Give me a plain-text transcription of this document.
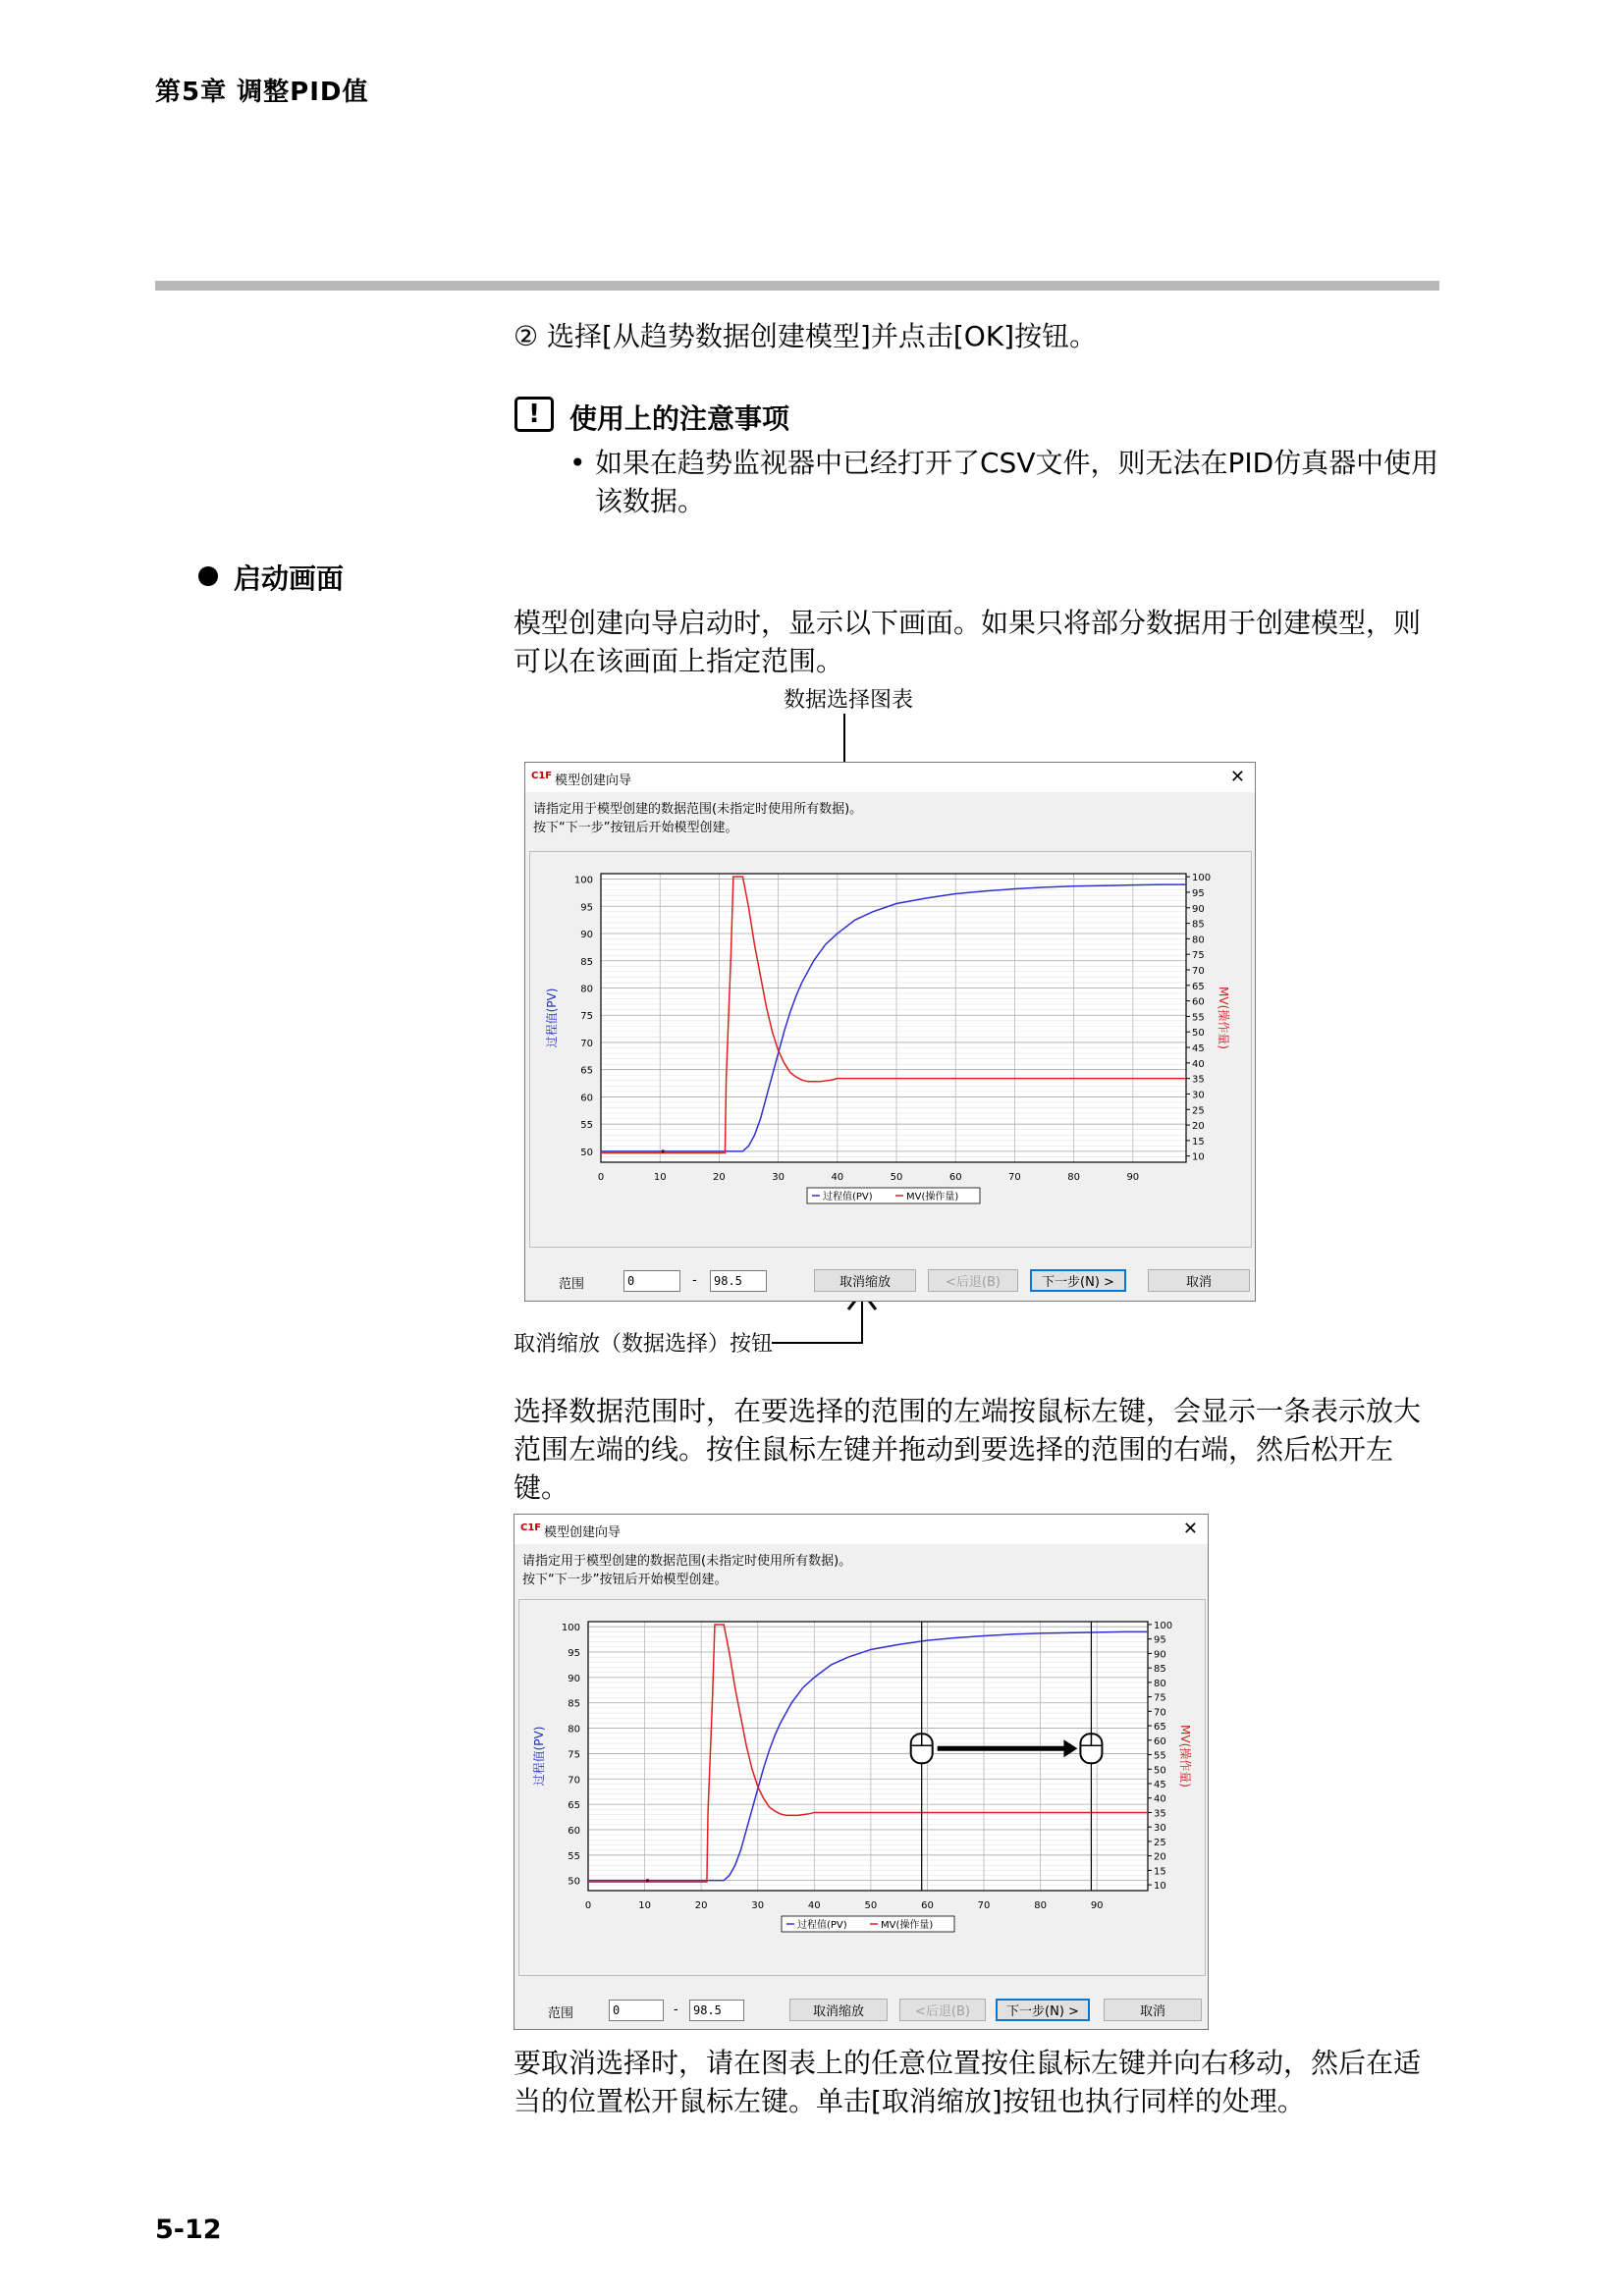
第5章 调整PID值
② 选择[从趋势数据创建模型]并点击[OK]按钮。
!	使用上的注意事项
• 如果在趋势监视器中已经打开了CSV文件，则无法在PID仿真器中使用该数据。
启动画面
模型创建向导启动时，显示以下画面。如果只将部分数据用于创建模型，则可以在该画面上指定范围。
数据选择图表
C1F 模型创建向导	✕
请指定用于模型创建的数据范围(未指定时使用所有数据)。
按下“下一步”按钮后开始模型创建。
50
55
60
65
70
75
80
85
90
95
100
0	10	20	30	40	50	60	70	80	90
10
15
20
25
30
35
40
45
50
55
60
65
70
75
80
85
90
95
100
过程值(PV)	MV(操作量)
过程值(PV)	MV(操作量)
范围	0	-	98.5	取消缩放	<后退(B)	下一步(N) >	取消
取消缩放（数据选择）按钮
选择数据范围时，在要选择的范围的左端按鼠标左键，会显示一条表示放大范围左端的线。按住鼠标左键并拖动到要选择的范围的右端，然后松开左键。
C1F 模型创建向导	✕
请指定用于模型创建的数据范围(未指定时使用所有数据)。
按下“下一步”按钮后开始模型创建。
50
55
60
65
70
75
80
85
90
95
100
0	10	20	30	40	50	60	70	80	90
10
15
20
25
30
35
40
45
50
55
60
65
70
75
80
85
90
95
100
过程值(PV)	MV(操作量)
过程值(PV)	MV(操作量)
范围	0	-	98.5	取消缩放	<后退(B)	下一步(N) >	取消
要取消选择时，请在图表上的任意位置按住鼠标左键并向右移动，然后在适当的位置松开鼠标左键。单击[取消缩放]按钮也执行同样的处理。
5-12
